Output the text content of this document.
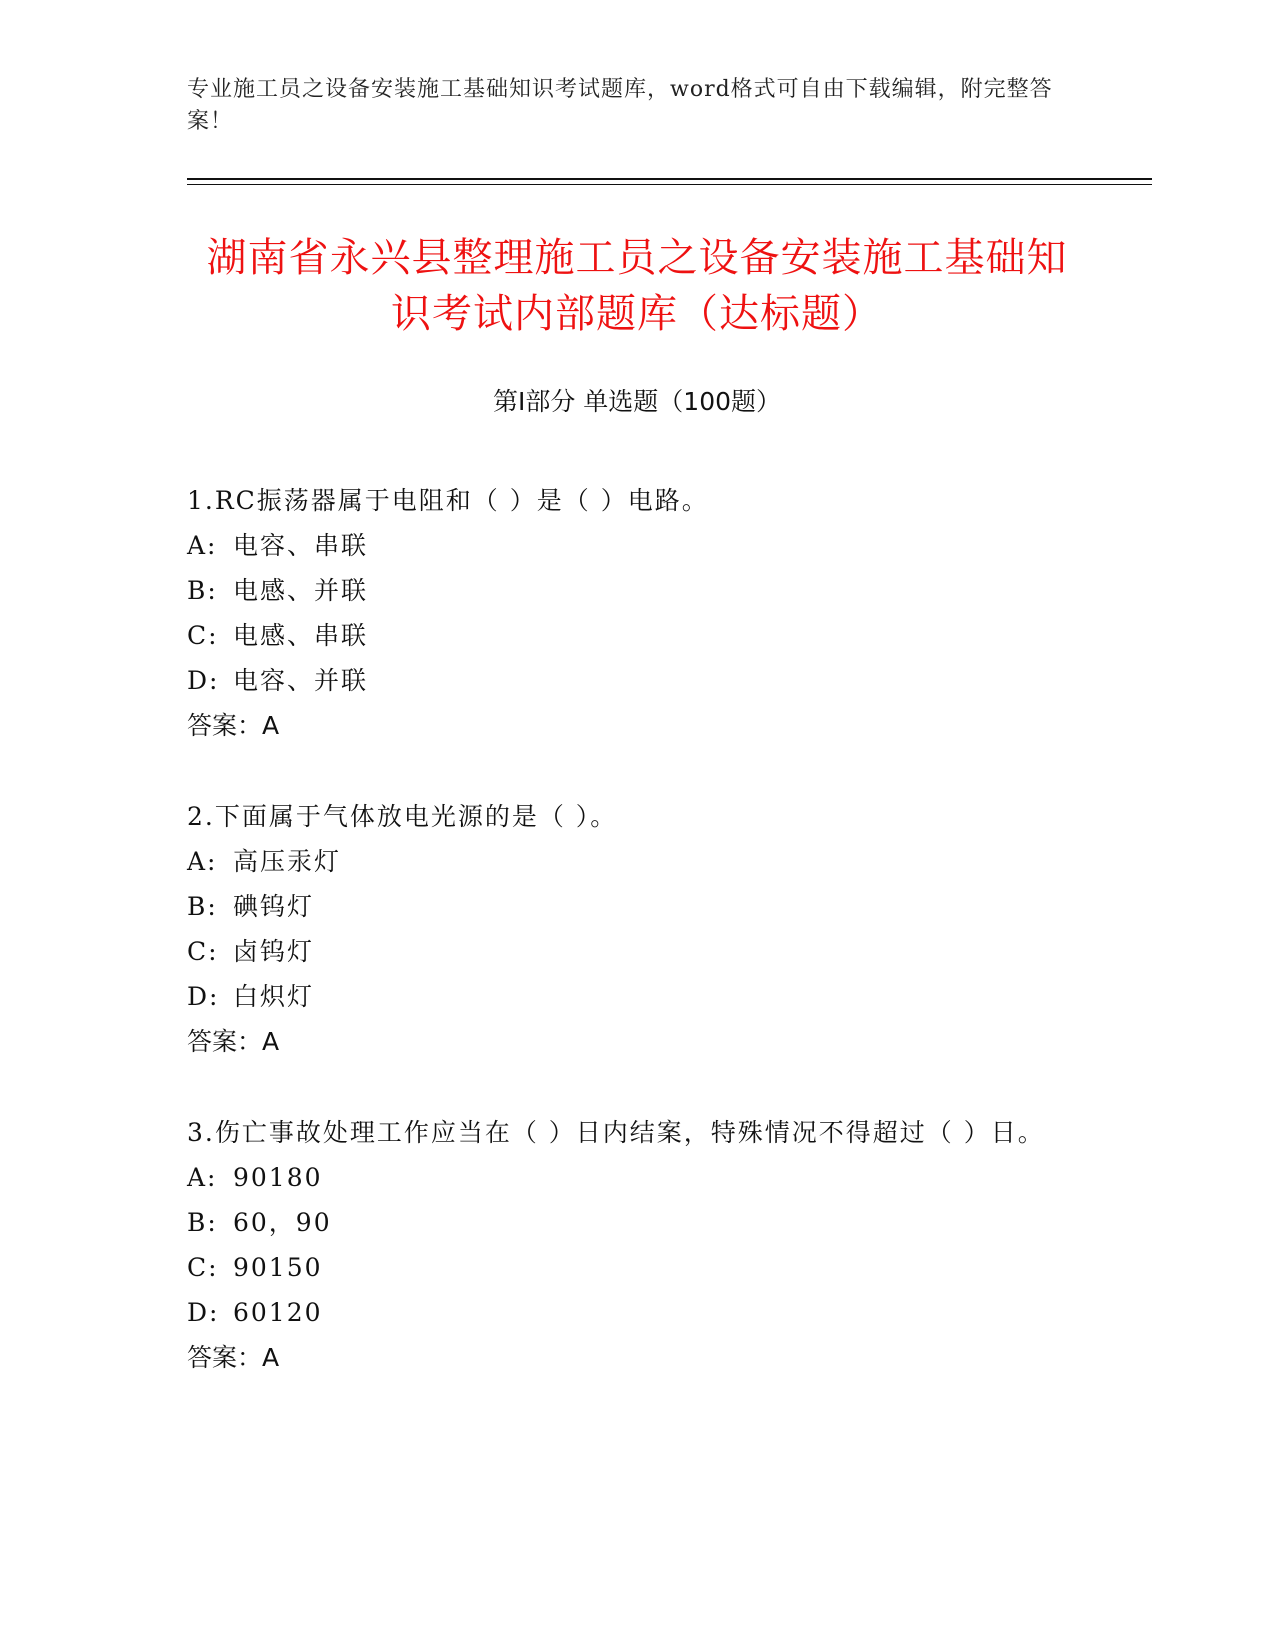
专业施工员之设备安装施工基础知识考试题库，word格式可自由下载编辑，附完整答案！
湖南省永兴县整理施工员之设备安装施工基础知识考试内部题库（达标题）
第Ⅰ部分 单选题（100题）
1.RC振荡器属于电阻和（ ）是（ ）电路。
A: 电容、串联
B: 电感、并联
C: 电感、串联
D: 电容、并联
答案：A
2.下面属于气体放电光源的是（ ）。
A: 高压汞灯
B: 碘钨灯
C: 卤钨灯
D: 白炽灯
答案：A
3.伤亡事故处理工作应当在（ ）日内结案，特殊情况不得超过（ ）日。
A: 90180
B: 60，90
C: 90150
D: 60120
答案：A
